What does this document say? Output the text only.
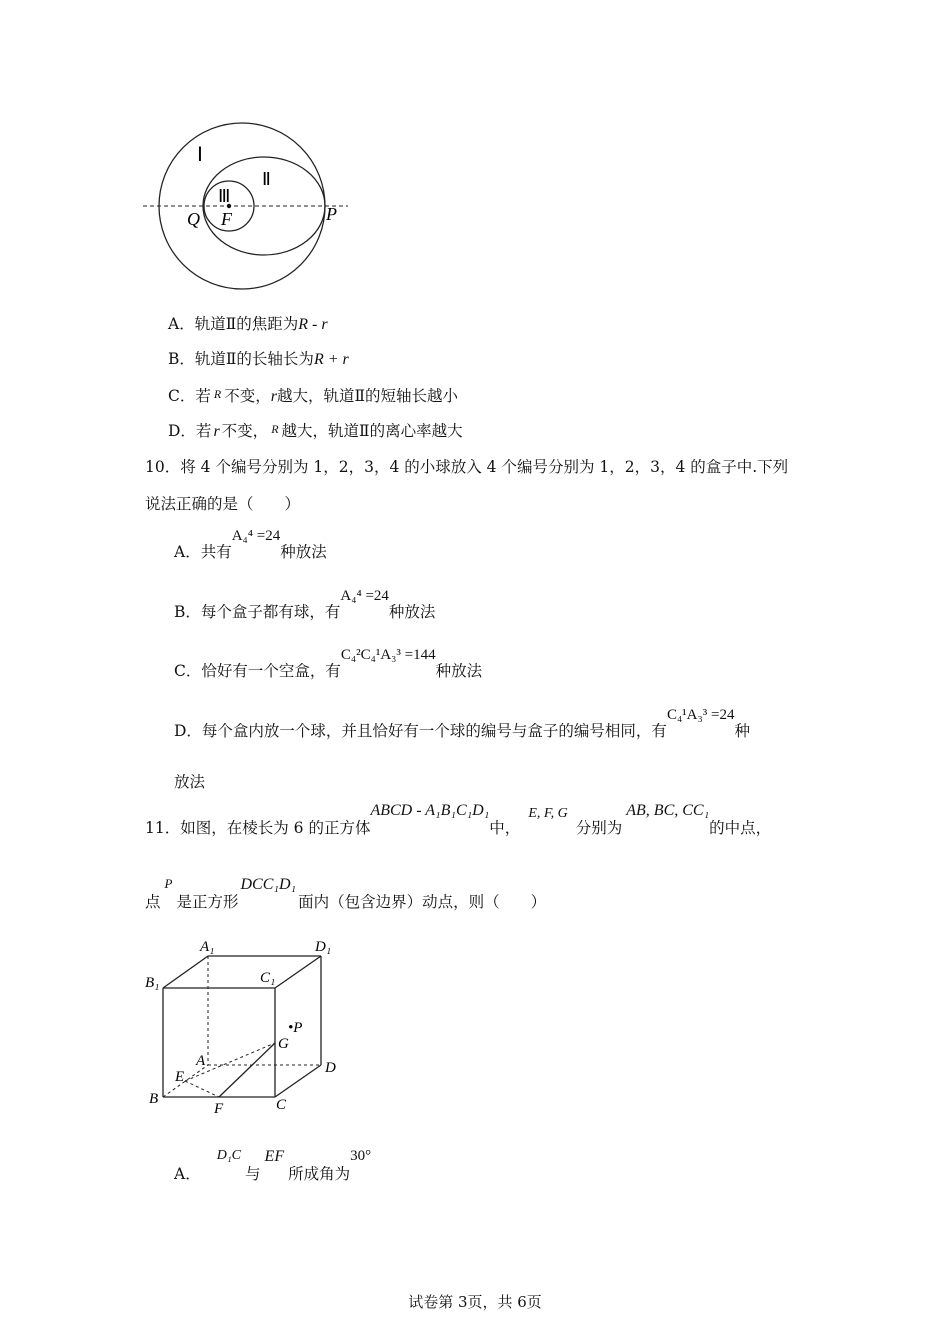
Ⅰ
Ⅱ
Ⅲ
Q F	P
A．轨道Ⅱ的焦距为R - r
B．轨道Ⅱ的长轴长为R + r
C．若 R 不变，r越大，轨道Ⅱ的短轴长越小
D．若 r 不变， R 越大，轨道Ⅱ的离心率越大
10．将 4 个编号分别为 1，2，3，4 的小球放入 4 个编号分别为 1，2，3，4 的盒子中.下列
说法正确的是（　　）
A．共有A₄⁴ =24种放法
B．每个盒子都有球，有A₄⁴ =24种放法
C．恰好有一个空盒，有C₄²C₄¹A₃³ =144种放法
D．每个盒内放一个球，并且恰好有一个球的编号与盒子的编号相同，有C₄¹A₃³ =24种
放法
11．如图，在棱长为 6 的正方体ABCD - A₁B₁C₁D₁中，E, F, G分别为AB, BC, CC₁的中点，
点P是正方形DCC₁D₁面内（包含边界）动点，则（　　）
A₁	D₁
B₁	C₁
•P
G
A	D
E
B
F	C
A．D₁C与EF所成角为30°
试卷第 3页，共 6页
